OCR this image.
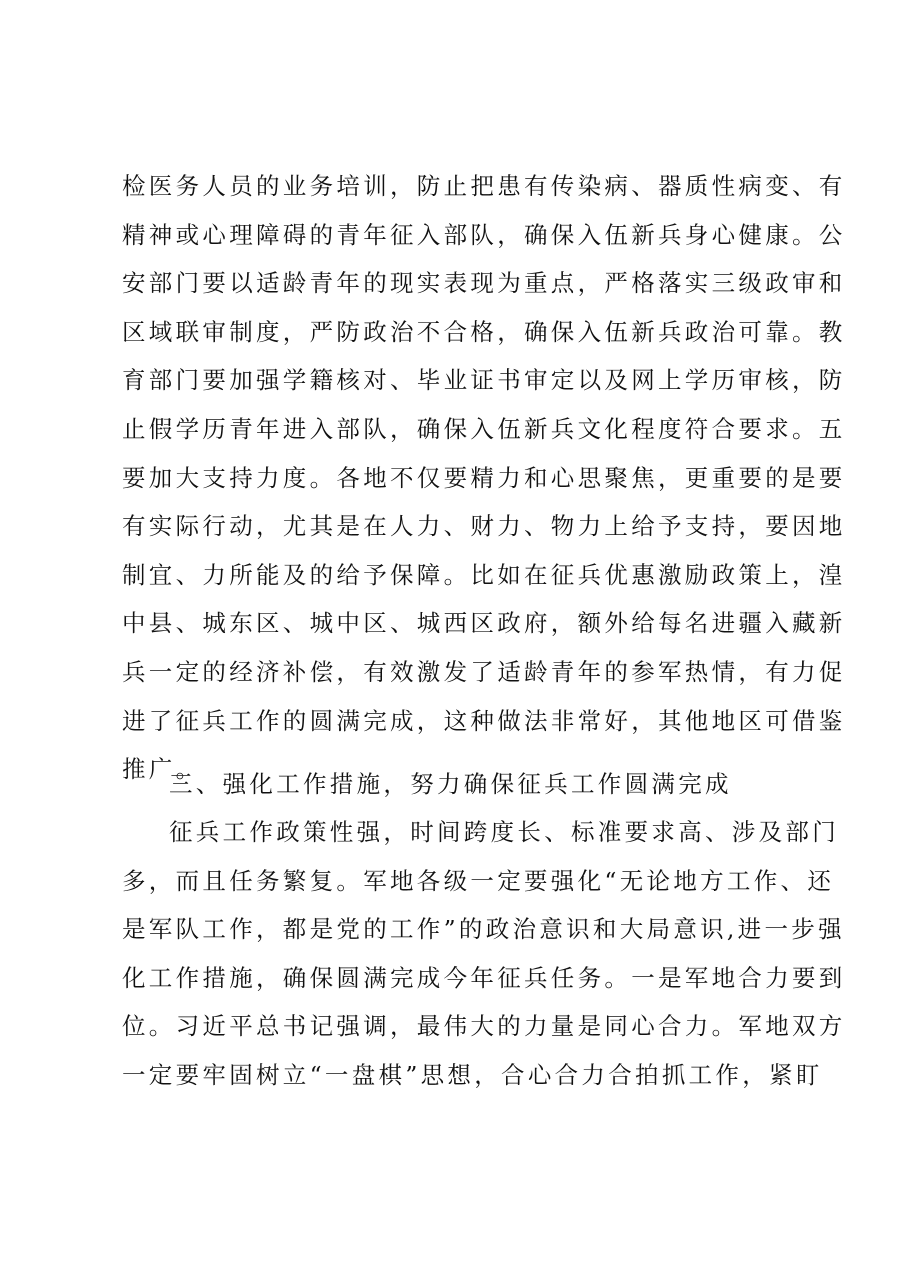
检医务人员的业务培训，防止把患有传染病、器质性病变、有
精神或心理障碍的青年征入部队，确保入伍新兵身心健康。公
安部门要以适龄青年的现实表现为重点，严格落实三级政审和
区域联审制度，严防政治不合格，确保入伍新兵政治可靠。教
育部门要加强学籍核对、毕业证书审定以及网上学历审核，防
止假学历青年进入部队，确保入伍新兵文化程度符合要求。五
要加大支持力度。各地不仅要精力和心思聚焦，更重要的是要
有实际行动，尤其是在人力、财力、物力上给予支持，要因地
制宜、力所能及的给予保障。比如在征兵优惠激励政策上，湟
中县、城东区、城中区、城西区政府，额外给每名进疆入藏新
兵一定的经济补偿，有效激发了适龄青年的参军热情，有力促
进了征兵工作的圆满完成，这种做法非常好，其他地区可借鉴
推广。
三、强化工作措施，努力确保征兵工作圆满完成
征兵工作政策性强，时间跨度长、标准要求高、涉及部门
多，而且任务繁复。军地各级一定要强化“无论地方工作、还
是军队工作，都是党的工作”的政治意识和大局意识,进一步强
化工作措施，确保圆满完成今年征兵任务。一是军地合力要到
位。习近平总书记强调，最伟大的力量是同心合力。军地双方
一定要牢固树立“一盘棋”思想，合心合力合拍抓工作，紧盯
